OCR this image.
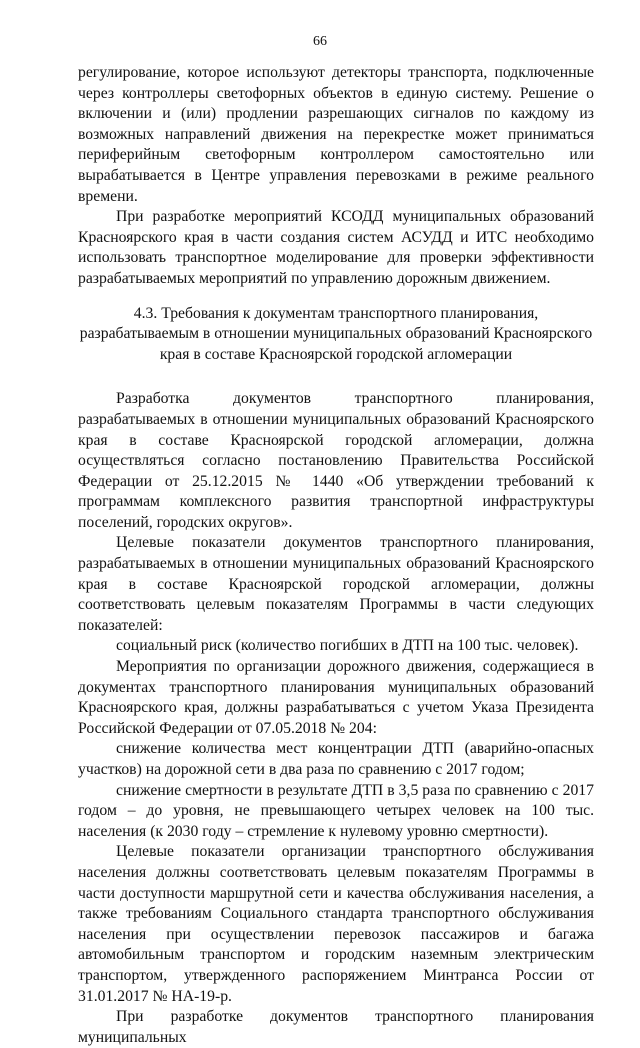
66

регулирование, которое используют детекторы транспорта, подключенные через контроллеры светофорных объектов в единую систему. Решение о включении и (или) продлении разрешающих сигналов по каждому из возможных направлений движения на перекрестке может приниматься периферийным светофорным контроллером самостоятельно или вырабатывается в Центре управления перевозками в режиме реального времени.

При разработке мероприятий КСОДД муниципальных образований Красноярского края в части создания систем АСУДД и ИТС необходимо использовать транспортное моделирование для проверки эффективности разрабатываемых мероприятий по управлению дорожным движением.

4.3. Требования к документам транспортного планирования, разрабатываемым в отношении муниципальных образований Красноярского края в составе Красноярской городской агломерации

Разработка документов транспортного планирования, разрабатываемых в отношении муниципальных образований Красноярского края в составе Красноярской городской агломерации, должна осуществляться согласно постановлению Правительства Российской Федерации от 25.12.2015 № 1440 «Об утверждении требований к программам комплексного развития транспортной инфраструктуры поселений, городских округов».

Целевые показатели документов транспортного планирования, разрабатываемых в отношении муниципальных образований Красноярского края в составе Красноярской городской агломерации, должны соответствовать целевым показателям Программы в части следующих показателей:

социальный риск (количество погибших в ДТП на 100 тыс. человек).

Мероприятия по организации дорожного движения, содержащиеся в документах транспортного планирования муниципальных образований Красноярского края, должны разрабатываться с учетом Указа Президента Российской Федерации от 07.05.2018 № 204:

снижение количества мест концентрации ДТП (аварийно-опасных участков) на дорожной сети в два раза по сравнению с 2017 годом;

снижение смертности в результате ДТП в 3,5 раза по сравнению с 2017 годом – до уровня, не превышающего четырех человек на 100 тыс. населения (к 2030 году – стремление к нулевому уровню смертности).

Целевые показатели организации транспортного обслуживания населения должны соответствовать целевым показателям Программы в части доступности маршрутной сети и качества обслуживания населения, а также требованиям Социального стандарта транспортного обслуживания населения при осуществлении перевозок пассажиров и багажа автомобильным транспортом и городским наземным электрическим транспортом, утвержденного распоряжением Минтранса России от 31.01.2017 № НА-19-р.

При разработке документов транспортного планирования муниципальных
